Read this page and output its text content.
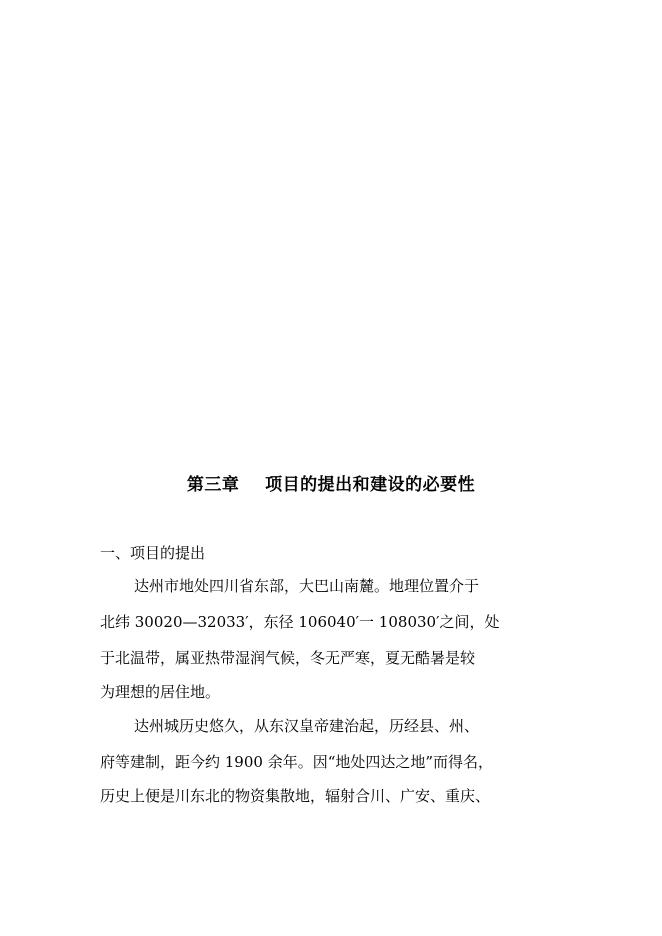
第三章    项目的提出和建设的必要性
一、项目的提出
达州市地处四川省东部，大巴山南麓。地理位置介于
北纬 30020—32033′，东径 106040′一 108030′之间，处
于北温带，属亚热带湿润气候，冬无严寒，夏无酷暑是较
为理想的居住地。
达州城历史悠久，从东汉皇帝建治起，历经县、州、
府等建制，距今约 1900 余年。因“地处四达之地”而得名，
历史上便是川东北的物资集散地，辐射合川、广安、重庆、
